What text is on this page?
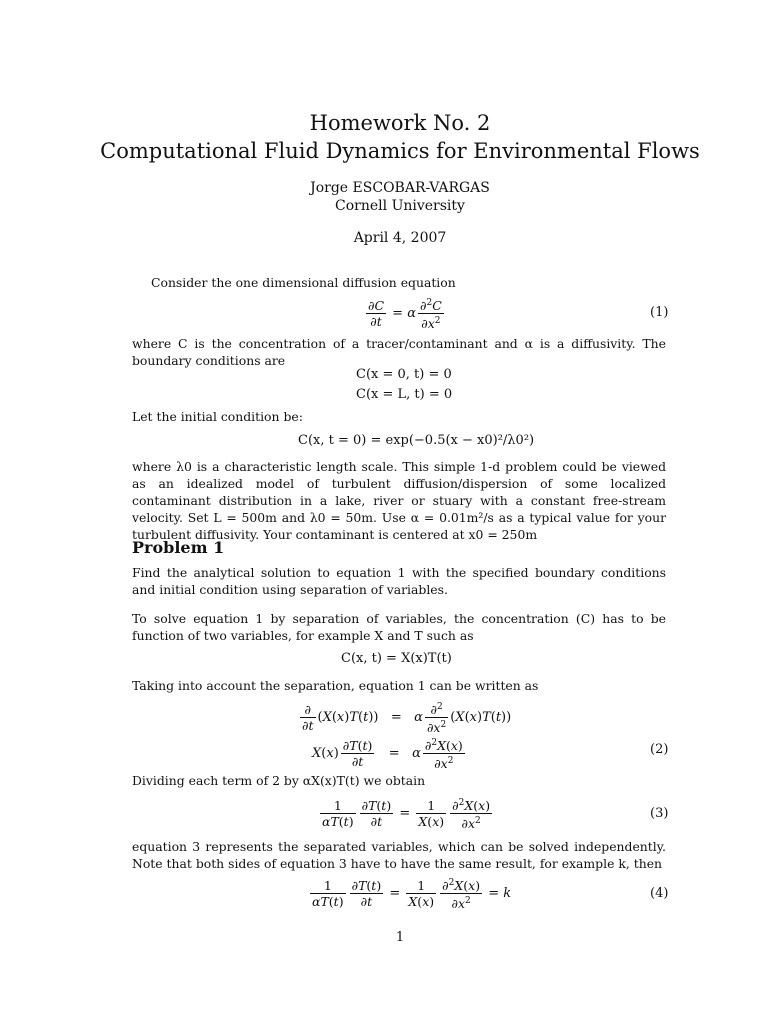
Homework No. 2
Computational Fluid Dynamics for Environmental Flows
Jorge ESCOBAR-VARGAS
Cornell University
April 4, 2007
Consider the one dimensional diffusion equation
$\frac{\partial C}{\partial t} = \alpha \frac{\partial^2C}{\partial x^2}$	(1)
where C is the concentration of a tracer/contaminant and α is a diffusivity. The boundary conditions are
C(x = 0, t) = 0
C(x = L, t) = 0
Let the initial condition be:
C(x, t = 0) = exp(−0.5(x − x0)²/λ0²)
where λ0 is a characteristic length scale. This simple 1-d problem could be viewed as an idealized model of turbulent diffusion/dispersion of some localized contaminant distribution in a lake, river or stuary with a constant free-stream velocity. Set L = 500m and λ0 = 50m. Use α = 0.01m²/s as a typical value for your turbulent diffusivity. Your contaminant is centered at x0 = 250m
Problem 1
Find the analytical solution to equation 1 with the specified boundary conditions and initial condition using separation of variables.
To solve equation 1 by separation of variables, the concentration (C) has to be function of two variables, for example X and T such as
C(x, t) = X(x)T(t)
Taking into account the separation, equation 1 can be written as
$\frac{\partial}{\partial t} (X(x)T(t)) = \alpha \frac{\partial^2}{\partial x^2} (X(x)T(t))$
$X(x) \frac{\partial T(t)}{\partial t} = \alpha \frac{\partial^2X(x)}{\partial x^2}$	(2)
Dividing each term of 2 by αX(x)T(t) we obtain
$\frac{1}{\alpha T(t)} \frac{\partial T(t)}{\partial t} = \frac{1}{X(x)} \frac{\partial^2X(x)}{\partial x^2}$	(3)
equation 3 represents the separated variables, which can be solved independently. Note that both sides of equation 3 have to have the same result, for example k, then
$\frac{1}{\alpha T(t)} \frac{\partial T(t)}{\partial t} = \frac{1}{X(x)} \frac{\partial^2X(x)}{\partial x^2} = k$	(4)
1
